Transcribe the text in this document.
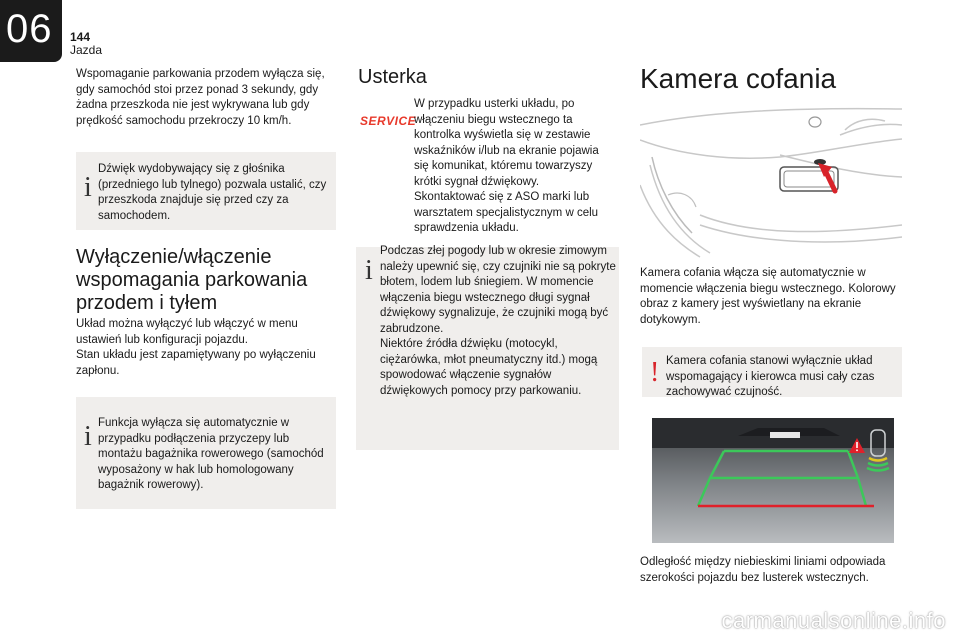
06 144
Jazda
Wspomaganie parkowania przodem wyłącza się, gdy samochód stoi przez ponad 3 sekundy, gdy żadna przeszkoda nie jest wykrywana lub gdy prędkość samochodu przekroczy 10 km/h.
i
Dźwięk wydobywający się z głośnika (przedniego lub tylnego) pozwala ustalić, czy przeszkoda znajduje się przed czy za samochodem.
Wyłączenie/włączenie wspomagania parkowania przodem i tyłem
Układ można wyłączyć lub włączyć w menu ustawień lub konfiguracji pojazdu.
Stan układu jest zapamiętywany po wyłączeniu zapłonu.
i Funkcja wyłącza się automatycznie w przypadku podłączenia przyczepy lub montażu bagażnika rowerowego (samochód wyposażony w hak lub homologowany bagażnik rowerowy).
Usterka
SERVICE
W przypadku usterki układu, po włączeniu biegu wstecznego ta kontrolka wyświetla się w zestawie wskaźników i/lub na ekranie pojawia się komunikat, któremu towarzyszy krótki sygnał dźwiękowy.
Skontaktować się z ASO marki lub warsztatem specjalistycznym w celu sprawdzenia układu.
i
Podczas złej pogody lub w okresie zimowym należy upewnić się, czy czujniki nie są pokryte błotem, lodem lub śniegiem. W momencie włączenia biegu wstecznego długi sygnał dźwiękowy sygnalizuje, że czujniki mogą być zabrudzone.
Niektóre źródła dźwięku (motocykl, ciężarówka, młot pneumatyczny itd.) mogą spowodować włączenie sygnałów dźwiękowych pomocy przy parkowaniu.
Kamera cofania
Kamera cofania włącza się automatycznie w momencie włączenia biegu wstecznego. Kolorowy obraz z kamery jest wyświetlany na ekranie dotykowym.
! Kamera cofania stanowi wyłącznie układ wspomagający i kierowca musi cały czas zachowywać czujność.
Odległość między niebieskimi liniami odpowiada szerokości pojazdu bez lusterek wstecznych.
carmanualsonline.info
